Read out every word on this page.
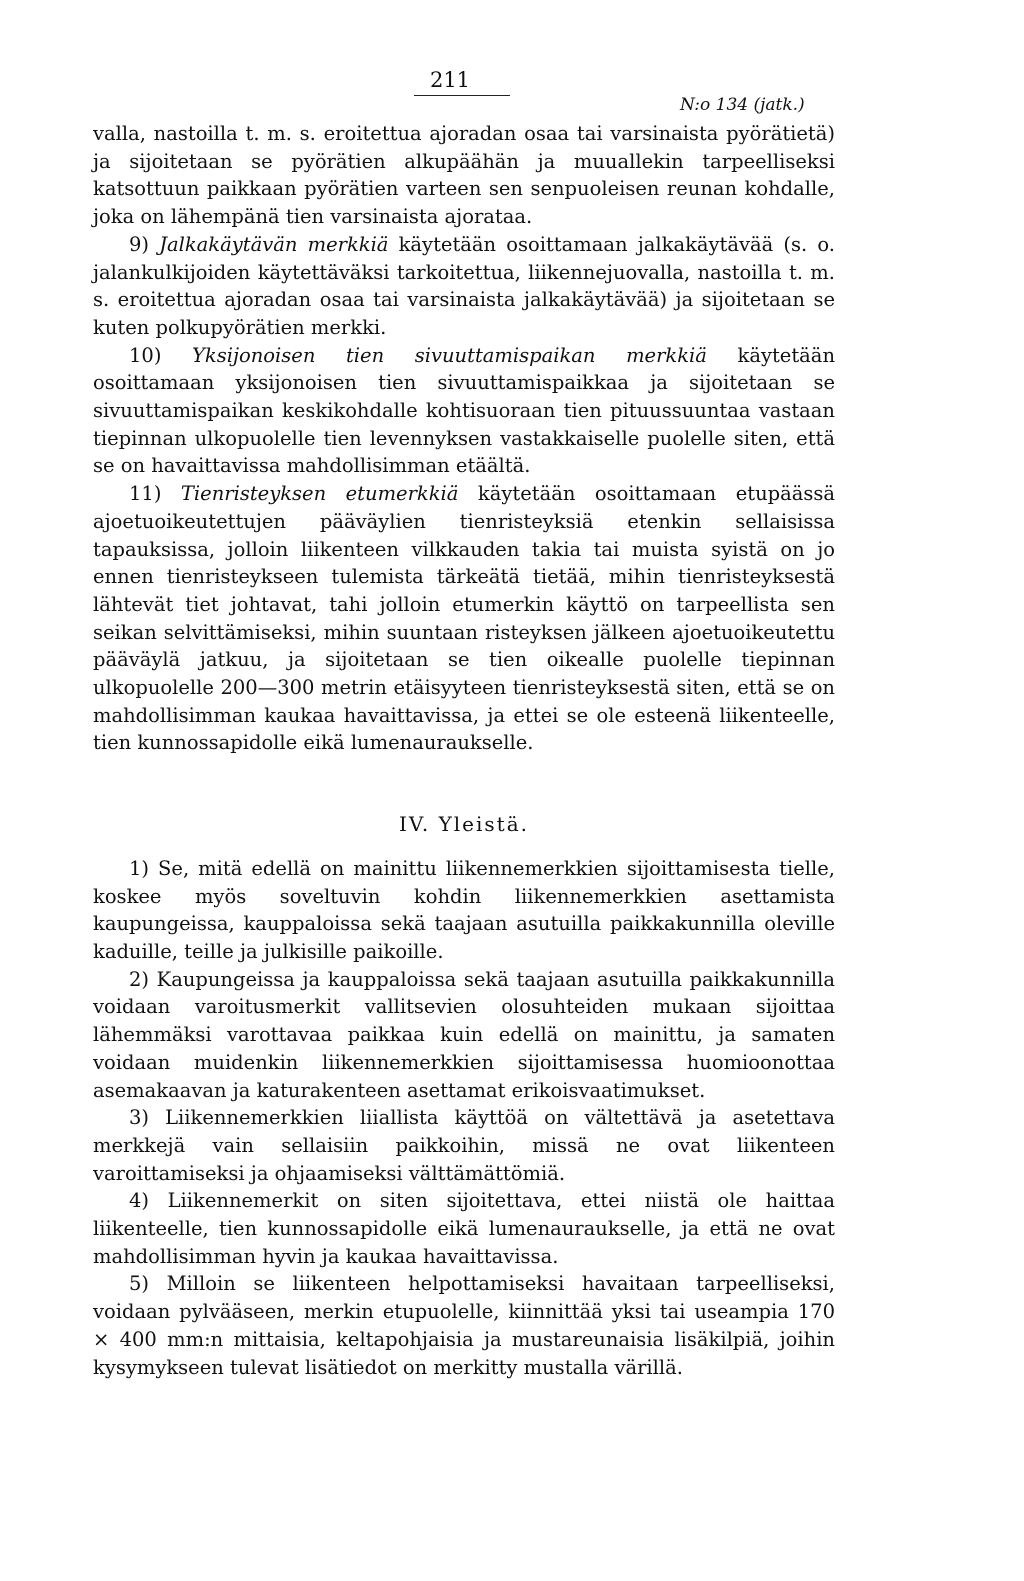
211
N:o 134 (jatk.)

valla, nastoilla t. m. s. eroitettua ajoradan osaa tai varsinaista pyörätietä) ja sijoitetaan se pyörätien alkupäähän ja muuallekin tarpeelliseksi katsottuun paikkaan pyörätien varteen sen senpuoleisen reunan kohdalle, joka on lähempänä tien varsinaista ajorataa.

9) Jalkakäytävän merkkiä käytetään osoittamaan jalkakäytävää (s. o. jalankulkijoiden käytettäväksi tarkoitettua, liikennejuovalla, nastoilla t. m. s. eroitettua ajoradan osaa tai varsinaista jalkakäytävää) ja sijoitetaan se kuten polkupyörätien merkki.

10) Yksijonoisen tien sivuuttamispaikan merkkiä käytetään osoittamaan yksijonoisen tien sivuuttamispaikkaa ja sijoitetaan se sivuuttamispaikan keskikohdalle kohtisuoraan tien pituussuuntaa vastaan tiepinnan ulkopuolelle tien levennyksen vastakkaiselle puolelle siten, että se on havaittavissa mahdollisimman etäältä.

11) Tienristeyksen etumerkkiä käytetään osoittamaan etupäässä ajoetuoikeutettujen pääväylien tienristeyksiä etenkin sellaisissa tapauksissa, jolloin liikenteen vilkkauden takia tai muista syistä on jo ennen tienristeykseen tulemista tärkeätä tietää, mihin tienristeyksestä lähtevät tiet johtavat, tahi jolloin etumerkin käyttö on tarpeellista sen seikan selvittämiseksi, mihin suuntaan risteyksen jälkeen ajoetuoikeutettu pääväylä jatkuu, ja sijoitetaan se tien oikealle puolelle tiepinnan ulkopuolelle 200—300 metrin etäisyyteen tienristeyksestä siten, että se on mahdollisimman kaukaa havaittavissa, ja ettei se ole esteenä liikenteelle, tien kunnossapidolle eikä lumenauraukselle.

IV. Yleistä.

1) Se, mitä edellä on mainittu liikennemerkkien sijoittamisesta tielle, koskee myös soveltuvin kohdin liikennemerkkien asettamista kaupungeissa, kauppaloissa sekä taajaan asutuilla paikkakunnilla oleville kaduille, teille ja julkisille paikoille.

2) Kaupungeissa ja kauppaloissa sekä taajaan asutuilla paikkakunnilla voidaan varoitusmerkit vallitsevien olosuhteiden mukaan sijoittaa lähemmäksi varottavaa paikkaa kuin edellä on mainittu, ja samaten voidaan muidenkin liikennemerkkien sijoittamisessa huomioonottaa asemakaavan ja katurakenteen asettamat erikoisvaatimukset.

3) Liikennemerkkien liiallista käyttöä on vältettävä ja asetettava merkkejä vain sellaisiin paikkoihin, missä ne ovat liikenteen varoittamiseksi ja ohjaamiseksi välttämättömiä.

4) Liikennemerkit on siten sijoitettava, ettei niistä ole haittaa liikenteelle, tien kunnossapidolle eikä lumenauraukselle, ja että ne ovat mahdollisimman hyvin ja kaukaa havaittavissa.

5) Milloin se liikenteen helpottamiseksi havaitaan tarpeelliseksi, voidaan pylvääseen, merkin etupuolelle, kiinnittää yksi tai useampia 170 × 400 mm:n mittaisia, keltapohjaisia ja mustareunaisia lisäkilpiä, joihin kysymykseen tulevat lisätiedot on merkitty mustalla värillä.
